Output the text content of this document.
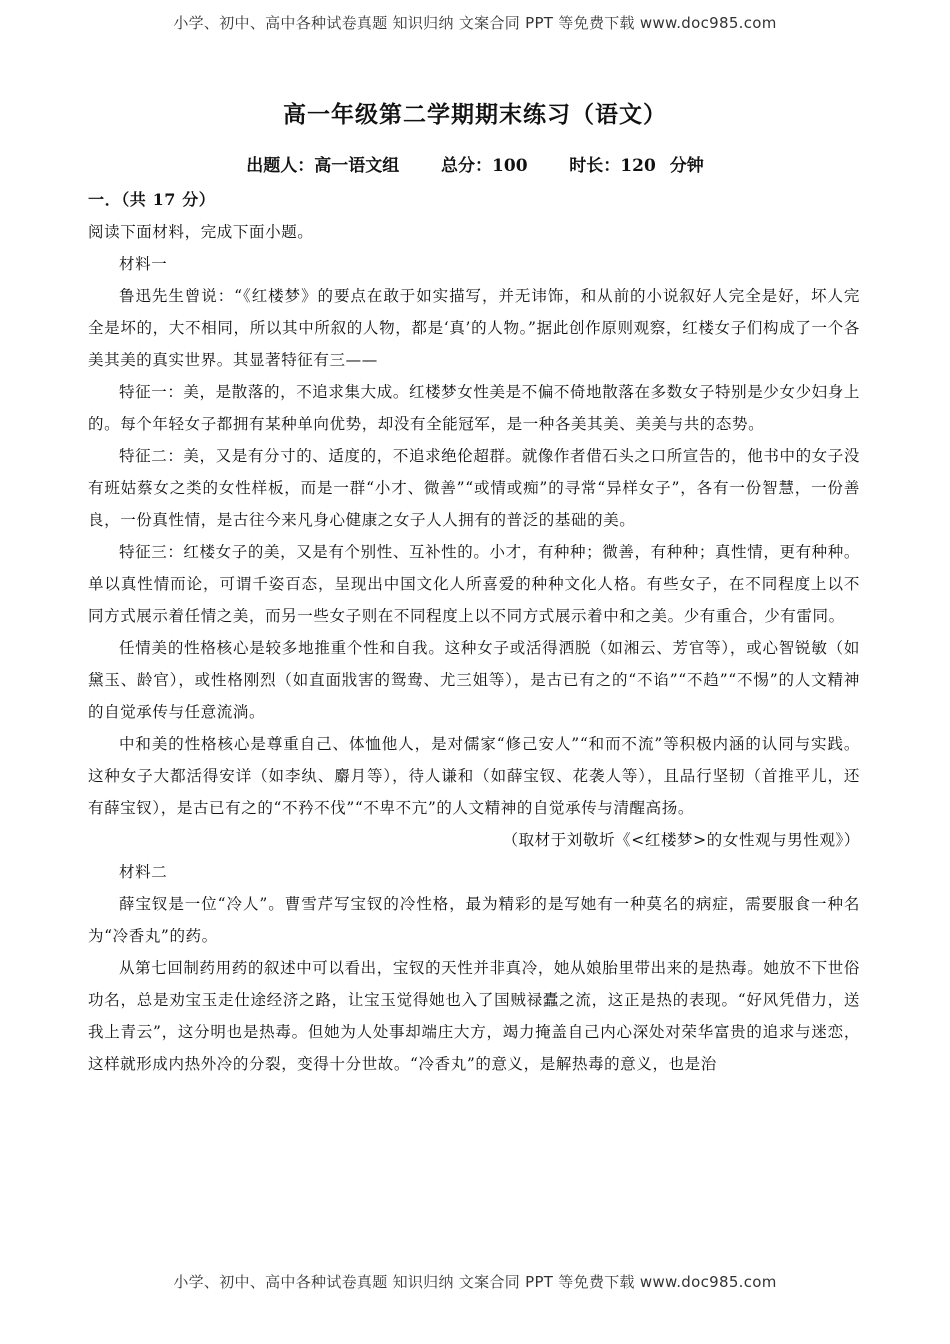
小学、初中、高中各种试卷真题 知识归纳 文案合同 PPT 等免费下载 www.doc985.com
高一年级第二学期期末练习（语文）
出题人：高一语文组   总分：100   时长：120 分钟

一．（共 17 分）

阅读下面材料，完成下面小题。

材料一

鲁迅先生曾说：“《红楼梦》的要点在敢于如实描写，并无讳饰，和从前的小说叙好人完全是好，坏人完全是坏的，大不相同，所以其中所叙的人物，都是‘真’的人物。”据此创作原则观察，红楼女子们构成了一个各美其美的真实世界。其显著特征有三——

特征一：美，是散落的，不追求集大成。红楼梦女性美是不偏不倚地散落在多数女子特别是少女少妇身上的。每个年轻女子都拥有某种单向优势，却没有全能冠军，是一种各美其美、美美与共的态势。

特征二：美，又是有分寸的、适度的，不追求绝伦超群。就像作者借石头之口所宣告的，他书中的女子没有班姑蔡女之类的女性样板，而是一群“小才、微善”“或情或痴”的寻常“异样女子”，各有一份智慧，一份善良，一份真性情，是古往今来凡身心健康之女子人人拥有的普泛的基础的美。

特征三：红楼女子的美，又是有个别性、互补性的。小才，有种种；微善，有种种；真性情，更有种种。单以真性情而论，可谓千姿百态，呈现出中国文化人所喜爱的种种文化人格。有些女子，在不同程度上以不同方式展示着任情之美，而另一些女子则在不同程度上以不同方式展示着中和之美。少有重合，少有雷同。

任情美的性格核心是较多地推重个性和自我。这种女子或活得洒脱（如湘云、芳官等），或心智锐敏（如黛玉、龄官），或性格刚烈（如直面戕害的鸳鸯、尤三姐等），是古已有之的“不谄”“不趋”“不惕”的人文精神的自觉承传与任意流淌。

中和美的性格核心是尊重自己、体恤他人，是对儒家“修己安人”“和而不流”等积极内涵的认同与实践。这种女子大都活得安详（如李纨、麝月等），待人谦和（如薛宝钗、花袭人等），且品行坚韧（首推平儿，还有薛宝钗），是古已有之的“不矜不伐”“不卑不亢”的人文精神的自觉承传与清醒高扬。

（取材于刘敬圻《<红楼梦>的女性观与男性观》）

材料二

薛宝钗是一位“冷人”。曹雪芹写宝钗的冷性格，最为精彩的是写她有一种莫名的病症，需要服食一种名为“冷香丸”的药。

从第七回制药用药的叙述中可以看出，宝钗的天性并非真冷，她从娘胎里带出来的是热毒。她放不下世俗功名，总是劝宝玉走仕途经济之路，让宝玉觉得她也入了国贼禄蠹之流，这正是热的表现。“好风凭借力，送我上青云”，这分明也是热毒。但她为人处事却端庄大方，竭力掩盖自己内心深处对荣华富贵的追求与迷恋，这样就形成内热外冷的分裂，变得十分世故。“冷香丸”的意义，是解热毒的意义，也是治

小学、初中、高中各种试卷真题 知识归纳 文案合同 PPT 等免费下载 www.doc985.com
